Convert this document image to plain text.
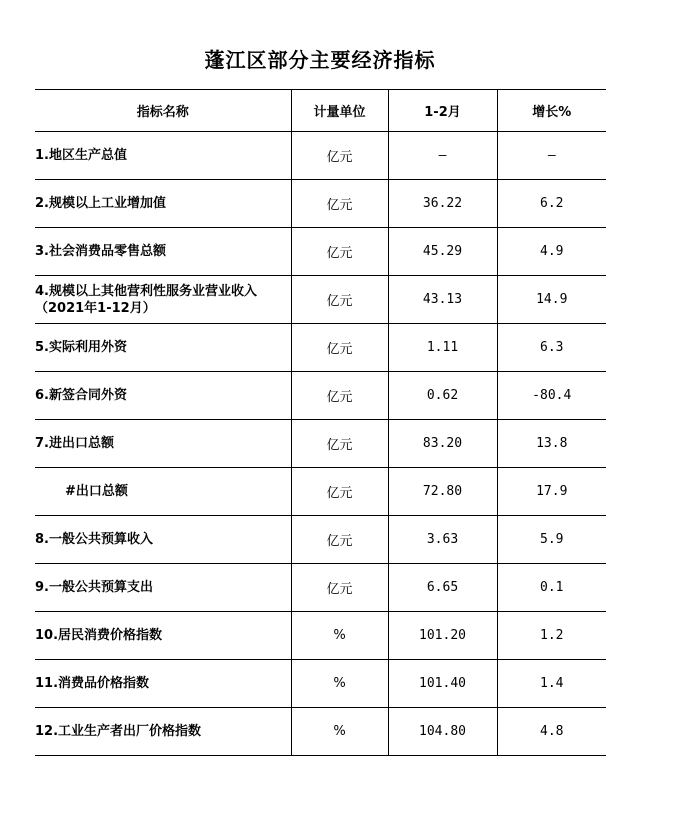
蓬江区部分主要经济指标
指标名称	计量单位	1-2月	增长%
1.地区生产总值	亿元	—	—
2.规模以上工业增加值	亿元	36.22	6.2
3.社会消费品零售总额	亿元	45.29	4.9

4.规模以上其他营利性服务业营业收入
（2021年1-12月）	亿元	43.13	14.9
5.实际利用外资	亿元	1.11	6.3
6.新签合同外资	亿元	0.62	-80.4
7.进出口总额	亿元	83.20	13.8
#出口总额	亿元	72.80	17.9
8.一般公共预算收入	亿元	3.63	5.9
9.一般公共预算支出	亿元	6.65	0.1
10.居民消费价格指数	%	101.20	1.2
11.消费品价格指数	%	101.40	1.4
12.工业生产者出厂价格指数	%	104.80	4.8
